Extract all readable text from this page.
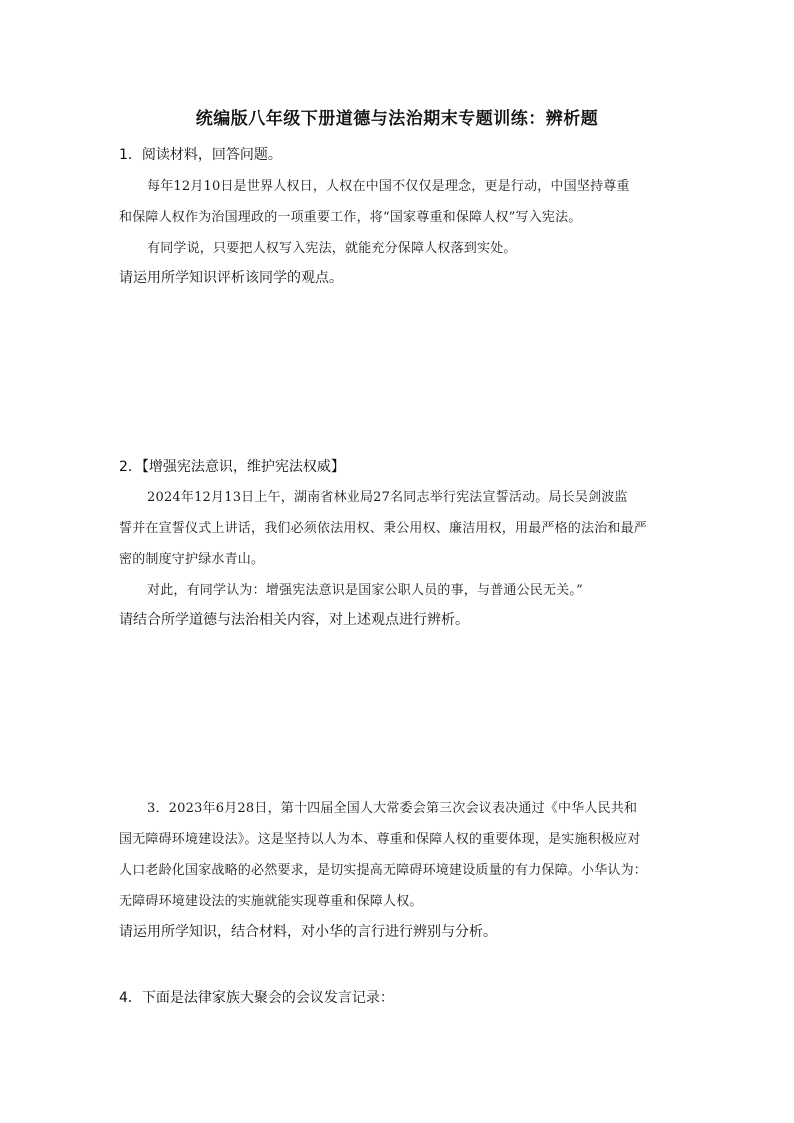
统编版八年级下册道德与法治期末专题训练：辨析题
1．阅读材料，回答问题。
每年12月10日是世界人权日，人权在中国不仅仅是理念，更是行动，中国坚持尊重
和保障人权作为治国理政的一项重要工作，将“国家尊重和保障人权”写入宪法。
有同学说，只要把人权写入宪法，就能充分保障人权落到实处。
请运用所学知识评析该同学的观点。
2．【增强宪法意识，维护宪法权威】
2024年12月13日上午，湖南省林业局27名同志举行宪法宣誓活动。局长吴剑波监
誓并在宣誓仪式上讲话，我们必须依法用权、秉公用权、廉洁用权，用最严格的法治和最严
密的制度守护绿水青山。
对此，有同学认为：增强宪法意识是国家公职人员的事，与普通公民无关。”
请结合所学道德与法治相关内容，对上述观点进行辨析。
3．2023年6月28日，第十四届全国人大常委会第三次会议表决通过《中华人民共和
国无障碍环境建设法》。这是坚持以人为本、尊重和保障人权的重要体现，是实施积极应对
人口老龄化国家战略的必然要求，是切实提高无障碍环境建设质量的有力保障。小华认为：
无障碍环境建设法的实施就能实现尊重和保障人权。
请运用所学知识，结合材料，对小华的言行进行辨别与分析。
4．下面是法律家族大聚会的会议发言记录：
